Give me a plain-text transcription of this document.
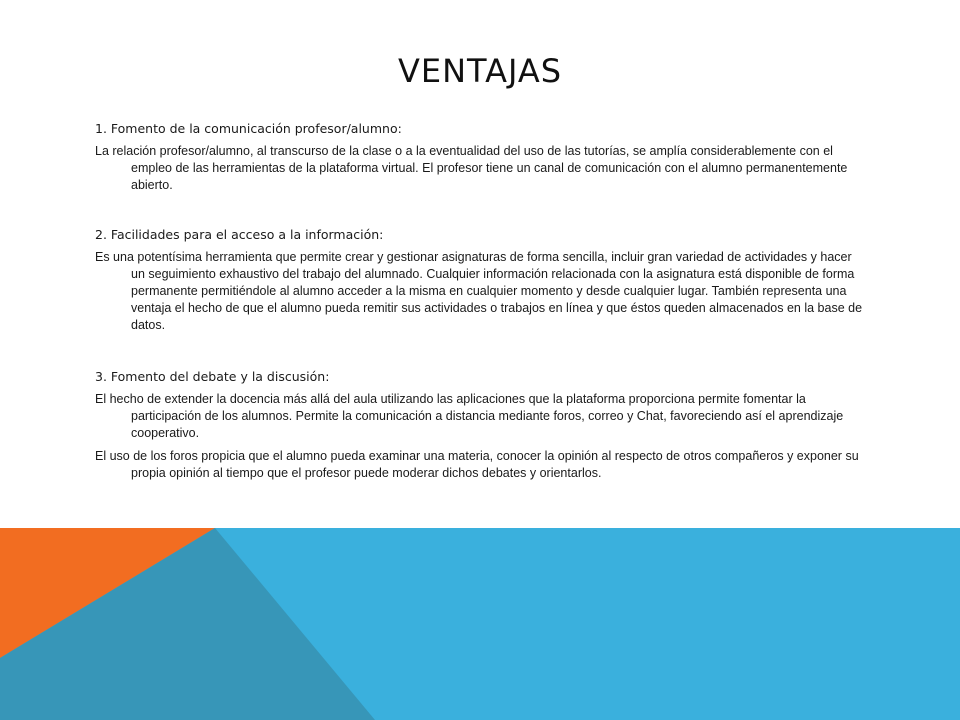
VENTAJAS
1. Fomento de la comunicación profesor/alumno:
La relación profesor/alumno, al transcurso de la clase o a la eventualidad del uso de las tutorías, se amplía considerablemente con el empleo de las herramientas de la plataforma virtual. El profesor tiene un canal de comunicación con el alumno permanentemente abierto.
2. Facilidades para el acceso a la información:
Es una potentísima herramienta que permite crear y gestionar asignaturas de forma sencilla, incluir gran variedad de actividades y hacer un seguimiento exhaustivo del trabajo del alumnado. Cualquier información relacionada con la asignatura está disponible de forma permanente permitiéndole al alumno acceder a la misma en cualquier momento y desde cualquier lugar. También representa una ventaja el hecho de que el alumno pueda remitir sus actividades o trabajos en línea y que éstos queden almacenados en la base de datos.
3. Fomento del debate y la discusión:
El hecho de extender la docencia más allá del aula utilizando las aplicaciones que la plataforma proporciona permite fomentar la participación de los alumnos. Permite la comunicación a distancia mediante foros, correo y Chat, favoreciendo así el aprendizaje cooperativo.
El uso de los foros propicia que el alumno pueda examinar una materia, conocer la opinión al respecto de otros compañeros y exponer su propia opinión al tiempo que el profesor puede moderar dichos debates y orientarlos.
